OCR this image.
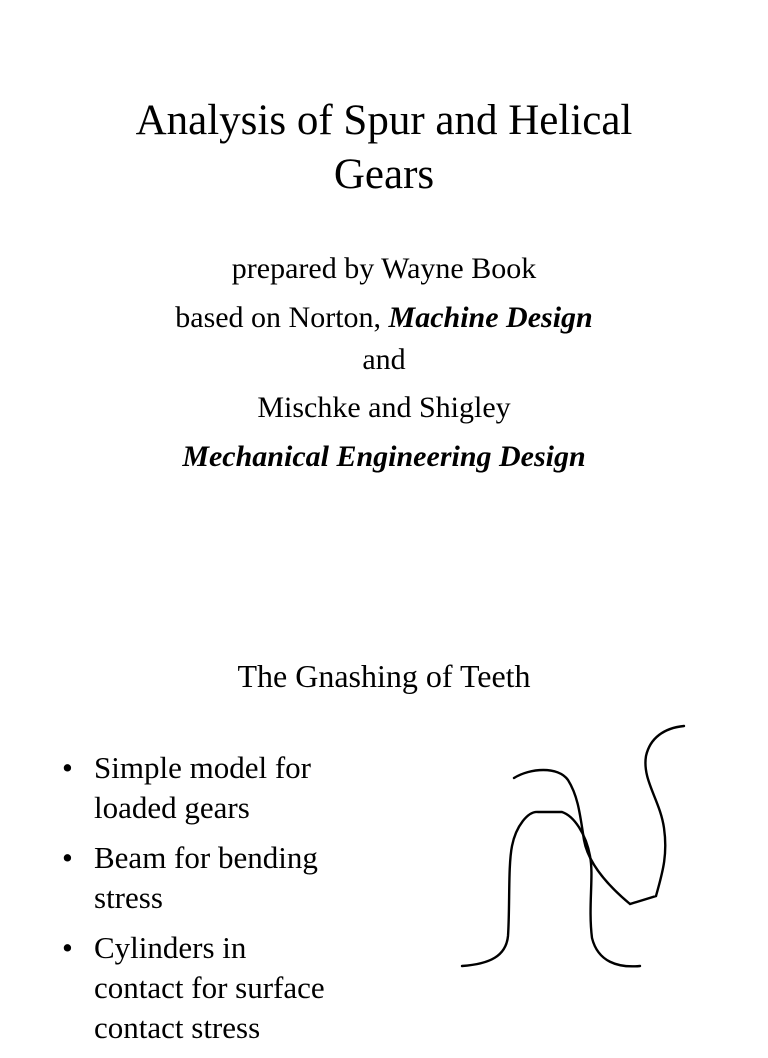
Analysis of Spur and Helical
Gears
prepared by Wayne Book
based on Norton, Machine Design
and
Mischke and Shigley
Mechanical Engineering Design
The Gnashing of Teeth
• Simple model for
loaded gears
• Beam for bending
stress
• Cylinders in
contact for surface
contact stress
